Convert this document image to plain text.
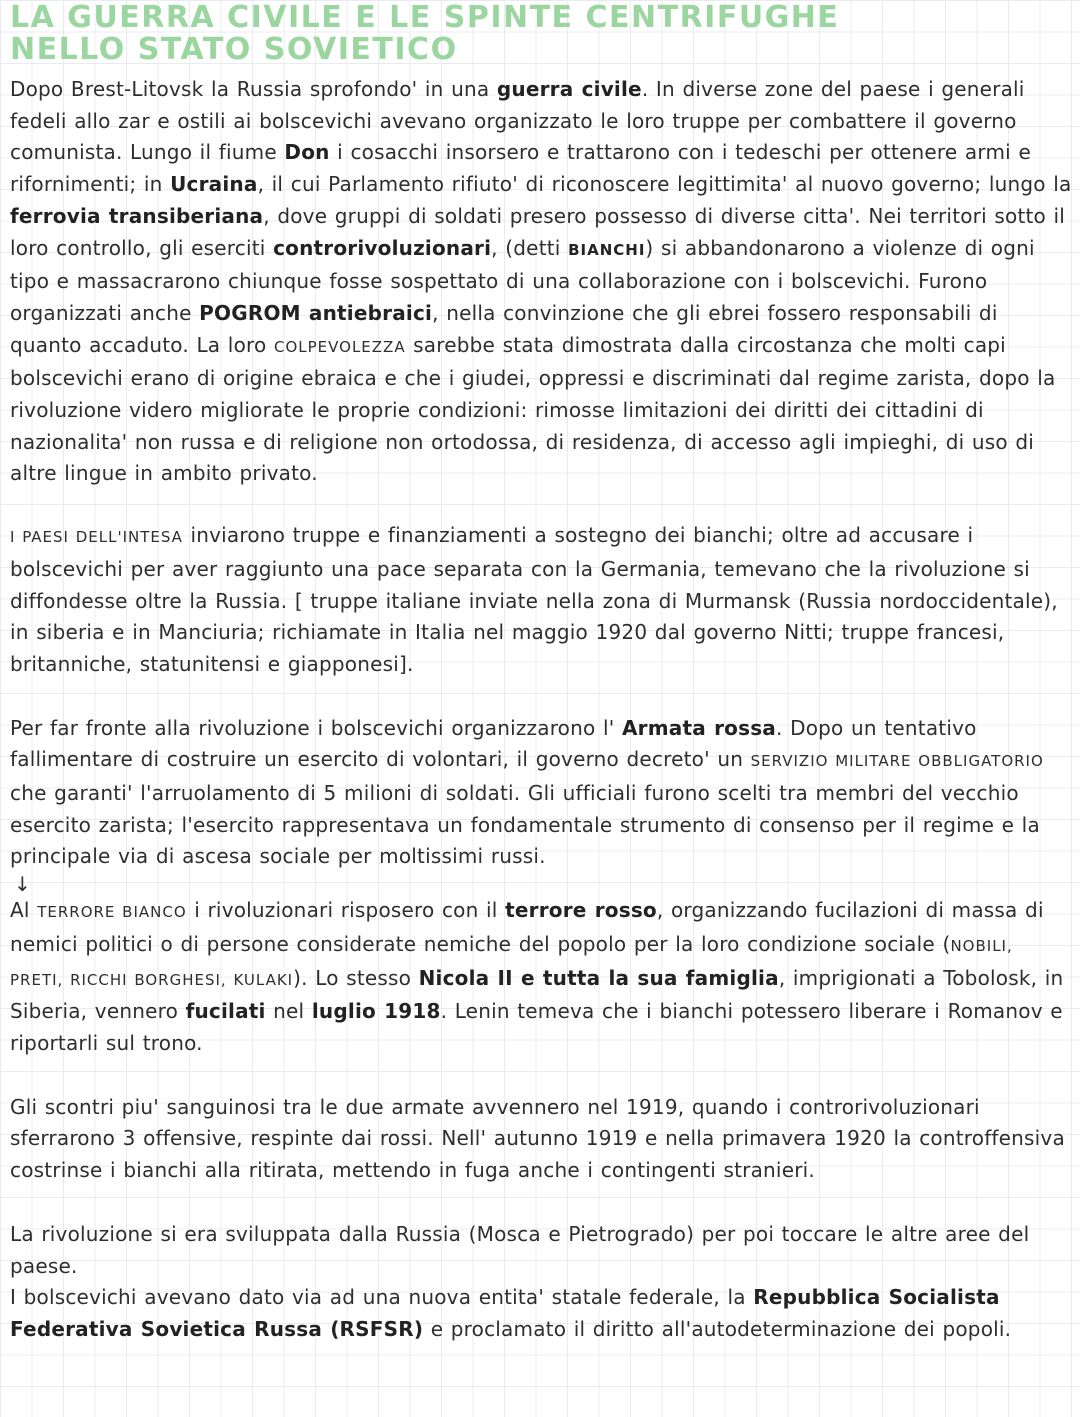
LA GUERRA CIVILE E LE SPINTE CENTRIFUGHE
NELLO STATO SOVIETICO

Dopo Brest-Litovsk la Russia sprofondo' in una guerra civile. In diverse zone del paese i generali fedeli allo zar e ostili ai bolscevichi avevano organizzato le loro truppe per combattere il governo comunista. Lungo il fiume Don i cosacchi insorsero e trattarono con i tedeschi per ottenere armi e rifornimenti; in Ucraina, il cui Parlamento rifiuto' di riconoscere legittimita' al nuovo governo; lungo la ferrovia transiberiana, dove gruppi di soldati presero possesso di diverse citta'. Nei territori sotto il loro controllo, gli eserciti controrivoluzionari, (detti BIANCHI) si abbandonarono a violenze di ogni tipo e massacrarono chiunque fosse sospettato di una collaborazione con i bolscevichi. Furono organizzati anche POGROM antiebraici, nella convinzione che gli ebrei fossero responsabili di quanto accaduto. La loro COLPEVOLEZZA sarebbe stata dimostrata dalla circostanza che molti capi bolscevichi erano di origine ebraica e che i giudei, oppressi e discriminati dal regime zarista, dopo la rivoluzione videro migliorate le proprie condizioni: rimosse limitazioni dei diritti dei cittadini di nazionalita' non russa e di religione non ortodossa, di residenza, di accesso agli impieghi, di uso di altre lingue in ambito privato.

I PAESI DELL'INTESA inviarono truppe e finanziamenti a sostegno dei bianchi; oltre ad accusare i bolscevichi per aver raggiunto una pace separata con la Germania, temevano che la rivoluzione si diffondesse oltre la Russia. [ truppe italiane inviate nella zona di Murmansk (Russia nordoccidentale), in siberia e in Manciuria; richiamate in Italia nel maggio 1920 dal governo Nitti; truppe francesi, britanniche, statunitensi e giapponesi].

Per far fronte alla rivoluzione i bolscevichi organizzarono l' Armata rossa. Dopo un tentativo fallimentare di costruire un esercito di volontari, il governo decreto' un SERVIZIO MILITARE OBBLIGATORIO che garanti' l'arruolamento di 5 milioni di soldati. Gli ufficiali furono scelti tra membri del vecchio esercito zarista; l'esercito rappresentava un fondamentale strumento di consenso per il regime e la principale via di ascesa sociale per moltissimi russi.

↓

Al TERRORE BIANCO i rivoluzionari risposero con il terrore rosso, organizzando fucilazioni di massa di nemici politici o di persone considerate nemiche del popolo per la loro condizione sociale (NOBILI, PRETI, RICCHI BORGHESI, KULAKI). Lo stesso Nicola II e tutta la sua famiglia, imprigionati a Tobolosk, in Siberia, vennero fucilati nel luglio 1918. Lenin temeva che i bianchi potessero liberare i Romanov e riportarli sul trono.

Gli scontri piu' sanguinosi tra le due armate avvennero nel 1919, quando i controrivoluzionari sferrarono 3 offensive, respinte dai rossi. Nell' autunno 1919 e nella primavera 1920 la controffensiva costrinse i bianchi alla ritirata, mettendo in fuga anche i contingenti stranieri.

La rivoluzione si era sviluppata dalla Russia (Mosca e Pietrogrado) per poi toccare le altre aree del paese.

I bolscevichi avevano dato via ad una nuova entita' statale federale, la Repubblica Socialista Federativa Sovietica Russa (RSFSR) e proclamato il diritto all'autodeterminazione dei popoli.
